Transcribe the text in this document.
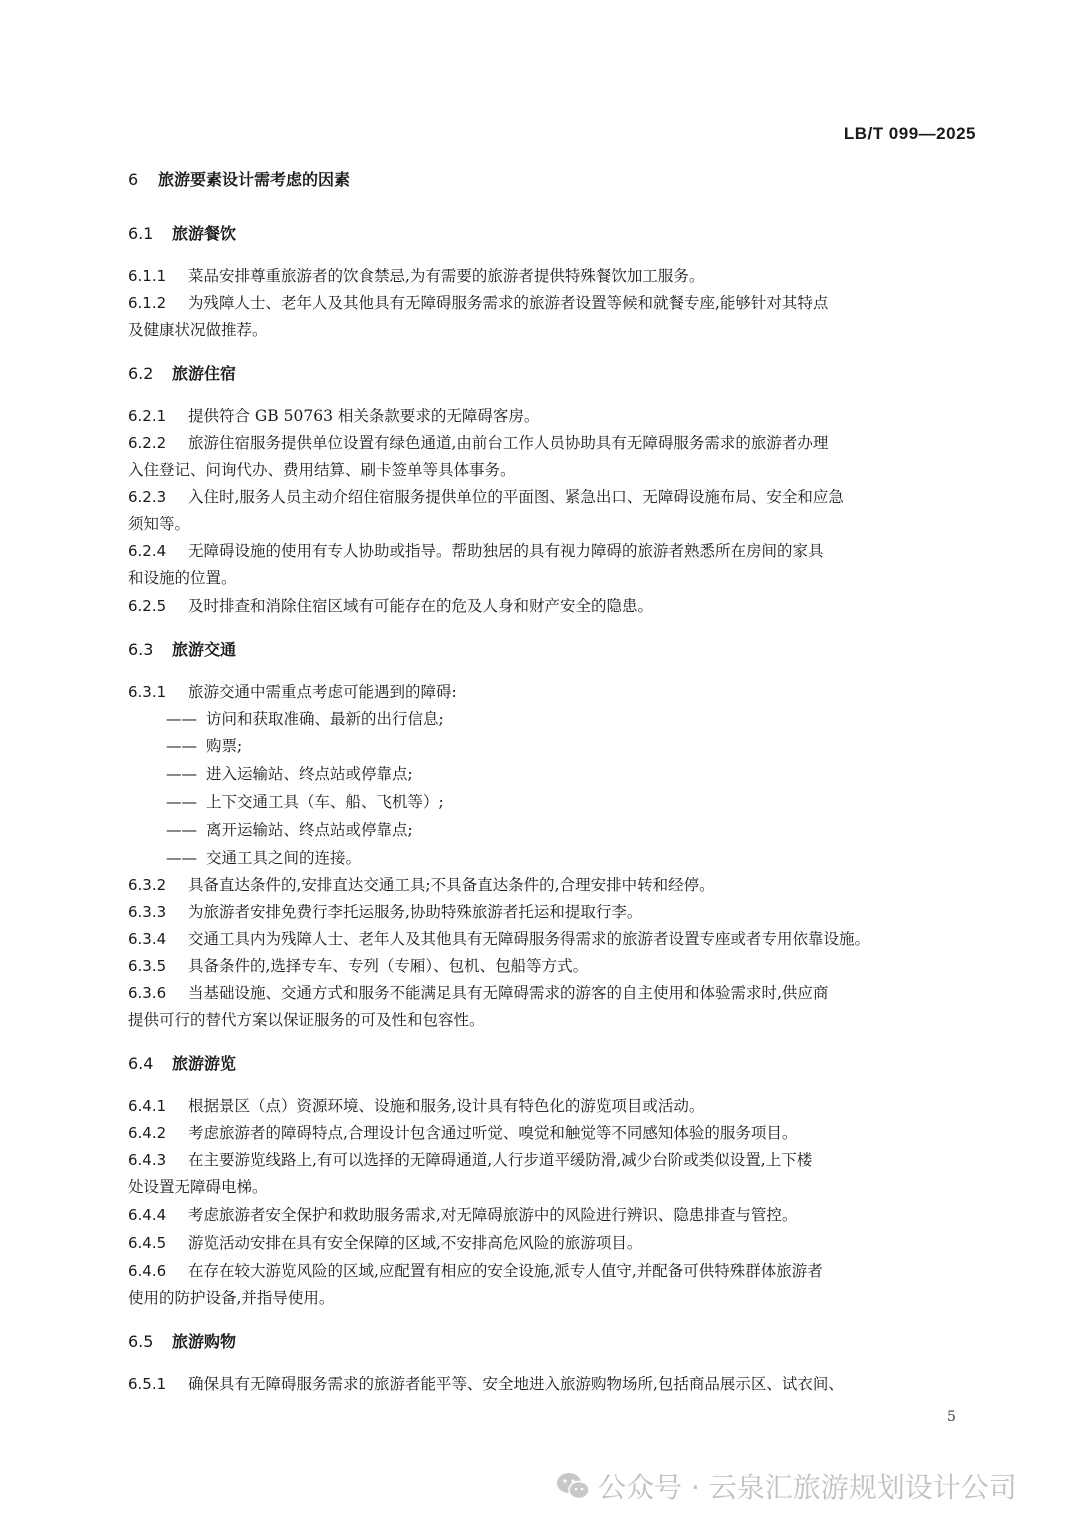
LB/T 099—2025
6 旅游要素设计需考虑的因素
6.1 旅游餐饮
6.1.1 菜品安排尊重旅游者的饮食禁忌,为有需要的旅游者提供特殊餐饮加工服务。
6.1.2 为残障人士、老年人及其他具有无障碍服务需求的旅游者设置等候和就餐专座,能够针对其特点
及健康状况做推荐。
6.2 旅游住宿
6.2.1 提供符合 GB 50763 相关条款要求的无障碍客房。
6.2.2 旅游住宿服务提供单位设置有绿色通道,由前台工作人员协助具有无障碍服务需求的旅游者办理
入住登记、问询代办、费用结算、刷卡签单等具体事务。
6.2.3 入住时,服务人员主动介绍住宿服务提供单位的平面图、紧急出口、无障碍设施布局、安全和应急
须知等。
6.2.4 无障碍设施的使用有专人协助或指导。帮助独居的具有视力障碍的旅游者熟悉所在房间的家具
和设施的位置。
6.2.5 及时排查和消除住宿区域有可能存在的危及人身和财产安全的隐患。
6.3 旅游交通
6.3.1 旅游交通中需重点考虑可能遇到的障碍:
—— 访问和获取准确、最新的出行信息;
—— 购票;
—— 进入运输站、终点站或停靠点;
—— 上下交通工具（车、船、飞机等）;
—— 离开运输站、终点站或停靠点;
—— 交通工具之间的连接。
6.3.2 具备直达条件的,安排直达交通工具;不具备直达条件的,合理安排中转和经停。
6.3.3 为旅游者安排免费行李托运服务,协助特殊旅游者托运和提取行李。
6.3.4 交通工具内为残障人士、老年人及其他具有无障碍服务得需求的旅游者设置专座或者专用依靠设施。
6.3.5 具备条件的,选择专车、专列（专厢）、包机、包船等方式。
6.3.6 当基础设施、交通方式和服务不能满足具有无障碍需求的游客的自主使用和体验需求时,供应商
提供可行的替代方案以保证服务的可及性和包容性。
6.4 旅游游览
6.4.1 根据景区（点）资源环境、设施和服务,设计具有特色化的游览项目或活动。
6.4.2 考虑旅游者的障碍特点,合理设计包含通过听觉、嗅觉和触觉等不同感知体验的服务项目。
6.4.3 在主要游览线路上,有可以选择的无障碍通道,人行步道平缓防滑,减少台阶或类似设置,上下楼
处设置无障碍电梯。
6.4.4 考虑旅游者安全保护和救助服务需求,对无障碍旅游中的风险进行辨识、隐患排查与管控。
6.4.5 游览活动安排在具有安全保障的区域,不安排高危风险的旅游项目。
6.4.6 在存在较大游览风险的区域,应配置有相应的安全设施,派专人值守,并配备可供特殊群体旅游者
使用的防护设备,并指导使用。
6.5 旅游购物
6.5.1 确保具有无障碍服务需求的旅游者能平等、安全地进入旅游购物场所,包括商品展示区、试衣间、
5
公众号 · 云泉汇旅游规划设计公司
